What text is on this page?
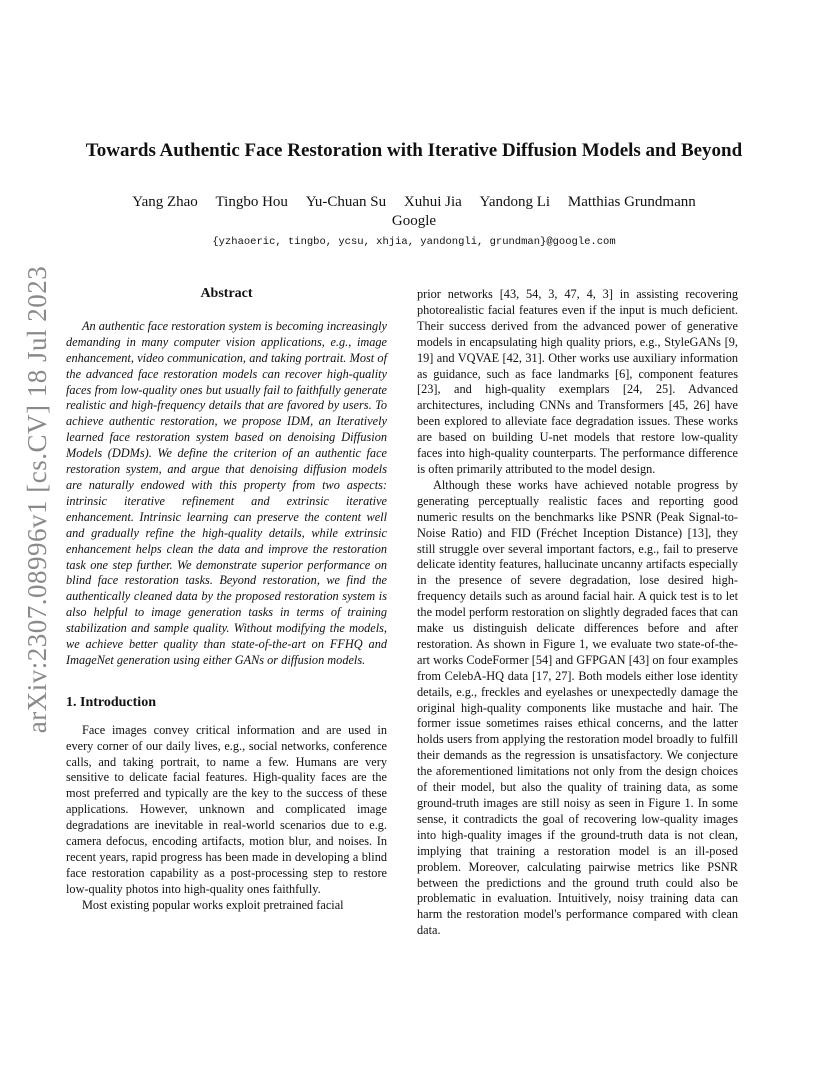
arXiv:2307.08996v1 [cs.CV] 18 Jul 2023
Towards Authentic Face Restoration with Iterative Diffusion Models and Beyond
Yang Zhao Tingbo Hou Yu-Chuan Su Xuhui Jia Yandong Li Matthias Grundmann
Google
{yzhaoeric, tingbo, ycsu, xhjia, yandongli, grundman}@google.com
Abstract

An authentic face restoration system is becoming increasingly demanding in many computer vision applications, e.g., image enhancement, video communication, and taking portrait. Most of the advanced face restoration models can recover high-quality faces from low-quality ones but usually fail to faithfully generate realistic and high-frequency details that are favored by users. To achieve authentic restoration, we propose IDM, an Iteratively learned face restoration system based on denoising Diffusion Models (DDMs). We define the criterion of an authentic face restoration system, and argue that denoising diffusion models are naturally endowed with this property from two aspects: intrinsic iterative refinement and extrinsic iterative enhancement. Intrinsic learning can preserve the content well and gradually refine the high-quality details, while extrinsic enhancement helps clean the data and improve the restoration task one step further. We demonstrate superior performance on blind face restoration tasks. Beyond restoration, we find the authentically cleaned data by the proposed restoration system is also helpful to image generation tasks in terms of training stabilization and sample quality. Without modifying the models, we achieve better quality than state-of-the-art on FFHQ and ImageNet generation using either GANs or diffusion models.

1. Introduction

Face images convey critical information and are used in every corner of our daily lives, e.g., social networks, conference calls, and taking portrait, to name a few. Humans are very sensitive to delicate facial features. High-quality faces are the most preferred and typically are the key to the success of these applications. However, unknown and complicated image degradations are inevitable in real-world scenarios due to e.g. camera defocus, encoding artifacts, motion blur, and noises. In recent years, rapid progress has been made in developing a blind face restoration capability as a post-processing step to restore low-quality photos into high-quality ones faithfully.

Most existing popular works exploit pretrained facial

prior networks [43, 54, 3, 47, 4, 3] in assisting recovering photorealistic facial features even if the input is much deficient. Their success derived from the advanced power of generative models in encapsulating high quality priors, e.g., StyleGANs [9, 19] and VQVAE [42, 31]. Other works use auxiliary information as guidance, such as face landmarks [6], component features [23], and high-quality exemplars [24, 25]. Advanced architectures, including CNNs and Transformers [45, 26] have been explored to alleviate face degradation issues. These works are based on building U-net models that restore low-quality faces into high-quality counterparts. The performance difference is often primarily attributed to the model design.

Although these works have achieved notable progress by generating perceptually realistic faces and reporting good numeric results on the benchmarks like PSNR (Peak Signal-to-Noise Ratio) and FID (Fréchet Inception Distance) [13], they still struggle over several important factors, e.g., fail to preserve delicate identity features, hallucinate uncanny artifacts especially in the presence of severe degradation, lose desired high-frequency details such as around facial hair. A quick test is to let the model perform restoration on slightly degraded faces that can make us distinguish delicate differences before and after restoration. As shown in Figure 1, we evaluate two state-of-the-art works CodeFormer [54] and GFPGAN [43] on four examples from CelebA-HQ data [17, 27]. Both models either lose identity details, e.g., freckles and eyelashes or unexpectedly damage the original high-quality components like mustache and hair. The former issue sometimes raises ethical concerns, and the latter holds users from applying the restoration model broadly to fulfill their demands as the regression is unsatisfactory. We conjecture the aforementioned limitations not only from the design choices of their model, but also the quality of training data, as some ground-truth images are still noisy as seen in Figure 1. In some sense, it contradicts the goal of recovering low-quality images into high-quality images if the ground-truth data is not clean, implying that training a restoration model is an ill-posed problem. Moreover, calculating pairwise metrics like PSNR between the predictions and the ground truth could also be problematic in evaluation. Intuitively, noisy training data can harm the restoration model's performance compared with clean data.
